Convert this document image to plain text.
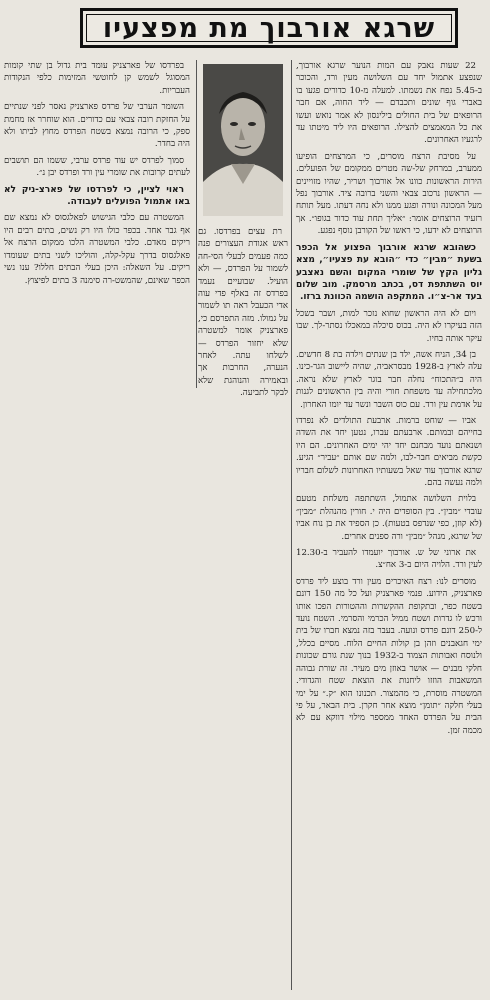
שרגא אורבוך מת מפצעיו

22 שעות נאבק עם המות הנוער שרגא אורבוך, שנפצע אתמול יחד עם השלושה מעין ורד, והכוכר ב-5.45 נפח את נשמתו. למעלה מ-10 כדורים פגעו בו באברי גוף שונים ותכבדם — ליד החוה, אם חבר הרופאים של בית החולים בילינסון לא אמר נואש ועשו את כל המאמצים להצילו. הרופאים היו ליד מיטתו עד לרגעיו האחרונים.

על מסיבת הרצח מוסרים, כי המרצחים הופיעו ממערב, במרחק של-שה מטרים ממקומם של הפועלים. הירות הראשונות כוונו אל אורבוך ושריר, שהיו מזויינים — הראשון נרכוב צבאי והשני ברובה ציד. אורבוך נפל מעל המכונה ונורה ופגע ממנו ולא נחה דעתו. מעל תותח רזעיד הרוצחים אומר: ״אליך תחת עוד כדור בגופו״. אך הרוצחים לא ידעו, כי ראשו של הקורבן נוסף נפגע.

כשהובא שרגא אורבוך הפצוע אל הכפר בשעת ״מבין״ כדי ״הובא עת פצעיו״, מצא גליון הקץ של שומרי המקום והשם נאצבע יוס השתתפת דס, בכתב מרסמק. מוב שלום בעד אר-צ״ו. המתקפה הושמה הכוונת ברזו.

ויום לא היה הראשון שחוא נזכר למות, ושבר בשכל הזה בעיקרו לא היה. בכוס סיכלה במאכלו נסתר-לך. שבו עיקר אותה בחיו.

בן 34, הניח אשה, ילד בן שנתים וילדה בת 8 חדשים. עלה לארץ ב-1928 מבסראביה, שהיה ליישוב הגר-כינו. היה ב״התכוח״ נחלה חבר בוגר לארץ שלא נראה. מלכתחילה עד משפחת חורי והיה בין הראשונים לגנות על אדמת עין ורד. עם כוס השבר ונשר עד יומו האחרון.

אביו — שוחט ברמות. ארבעת התולדים לא נפרדו בחייהם ובמותם. ארבעתם עברו, נטען יחד את השדה ושנאתם נועד מבחנם יחד יהי ימים האחרונים. הם היו כקשת מביאים חבר-לבו, ולמה שם אותם ״עביר״ הגיע. שרגא אורבוך עוד שאל בשעותיו האחרונות לשלום חבריו ולמה נעשה בהם.

בלוית השלושה אתמול, השתתפה משלחת מטעם עובדי ״מבין״. בין הסופדים היה י. חורין מהנהלת ״מבין״ (לא קוזן, כפי שנדפס בטעות). כן הספיד את בן נוח אביו של שרגא, מנהל ״מבין״ ורה ספנים אחרים.

את ארוני של ש. אורבוך יועמדו להעביר ב-12.30 לעין ורד. הלויה היום ב-3 אח״צ.

מוסרים לנו: רצח האיכרים מעין ורד בוצע ליד פרדס פארצניק, הידוע. פנמי פארצניק ועל כל מה 150 דונם בשטח כפר, ובתקופת ההקשרות וההטורות הפכו אותו ורכש לו גדרות ושטח ממיל הכרמי והסרמי. השטח נועד ל-250 דונם פרדס ונועה. בעבר בזה נמצא חברו של בית ימי חגאבנים וזהן בן קולות החיים הלוח. מסיים בכלל, ולנוסח ואבותות הצמוד ב-1932 בנוך שנת גורם שכונות חלקי מבנים — אושר באוזן מים מעיר. זה שורת גבוהה המשאבות הוזזו ליחנות את הוצאת שטח והגדודי. המשטרה מוסרת, כי מהמצור. תכנונו הוא ״ק.״ על ימי בעלי חלקה ״תומן״ מוצא אחר חקרן. בית הבאר, על פי הבית על הפרדס האחד ממספר מילוי דווקא עם לא מכמה זמן.

בפרדסו של פארצניק עומד בית גדול בן שתי קומות המסוגל לשמש קן לחוטשי המזימות כלפי הנקודות העבריות.

השומר הערבי של פרדס פארצניק נאסר לפני שנתיים על החזקת רובה צבאי עם כדורים. הוא שוחרר אז מחמת ספק, כי הרובה נמצא בשטח הפרדס מחוץ לביתו ולא היה בחדר.

סמוך לפרדס יש עוד פרדס ערבי, ששמו הם תושבים לעתים קרובות את שומרי עין ורד ופרדס יבן נ״.

ראוי לציין, כי לפרדסו של פארצ-ניק לא באו אתמול הפועלים לעבודה.

המשטרה עם כלבי הגישוש לפאלגסוס לא נמצא שם אף גבר אחד. בכפר כולו היו רק נשים, בתים רבים היו ריקים מאדם. כלבי המשטרה הלכו ממקום הרצח אל פאלגסוס בדרך עקל-קלה, והוליכו לשני בתים שעומדו ריקים. על השאלה: היכן בעלי הבתים חללו? ענו נשי הכפר שאינם, שהמשט-רה סימנה 3 בתים לפיצוץ.

רת עצים בפרדסו. גם ראש אגודת העצורים פנה כמה פעמים לבעלי הסי-חה לשמור על הפרדס, — ולא הועיל. שבועיים נעמד בפרדס זה באלף פדי עוה אדי הכעבל ראה תו לשמור על גמולו. מזה התפרסם כי, פארצניק אומר למשטרה שלא יחזור הפרדס — לשלחו עתה. לאחר הנערה, החרבות אך ובאמירה והנוהגת שלא לבקר לתביעה.
